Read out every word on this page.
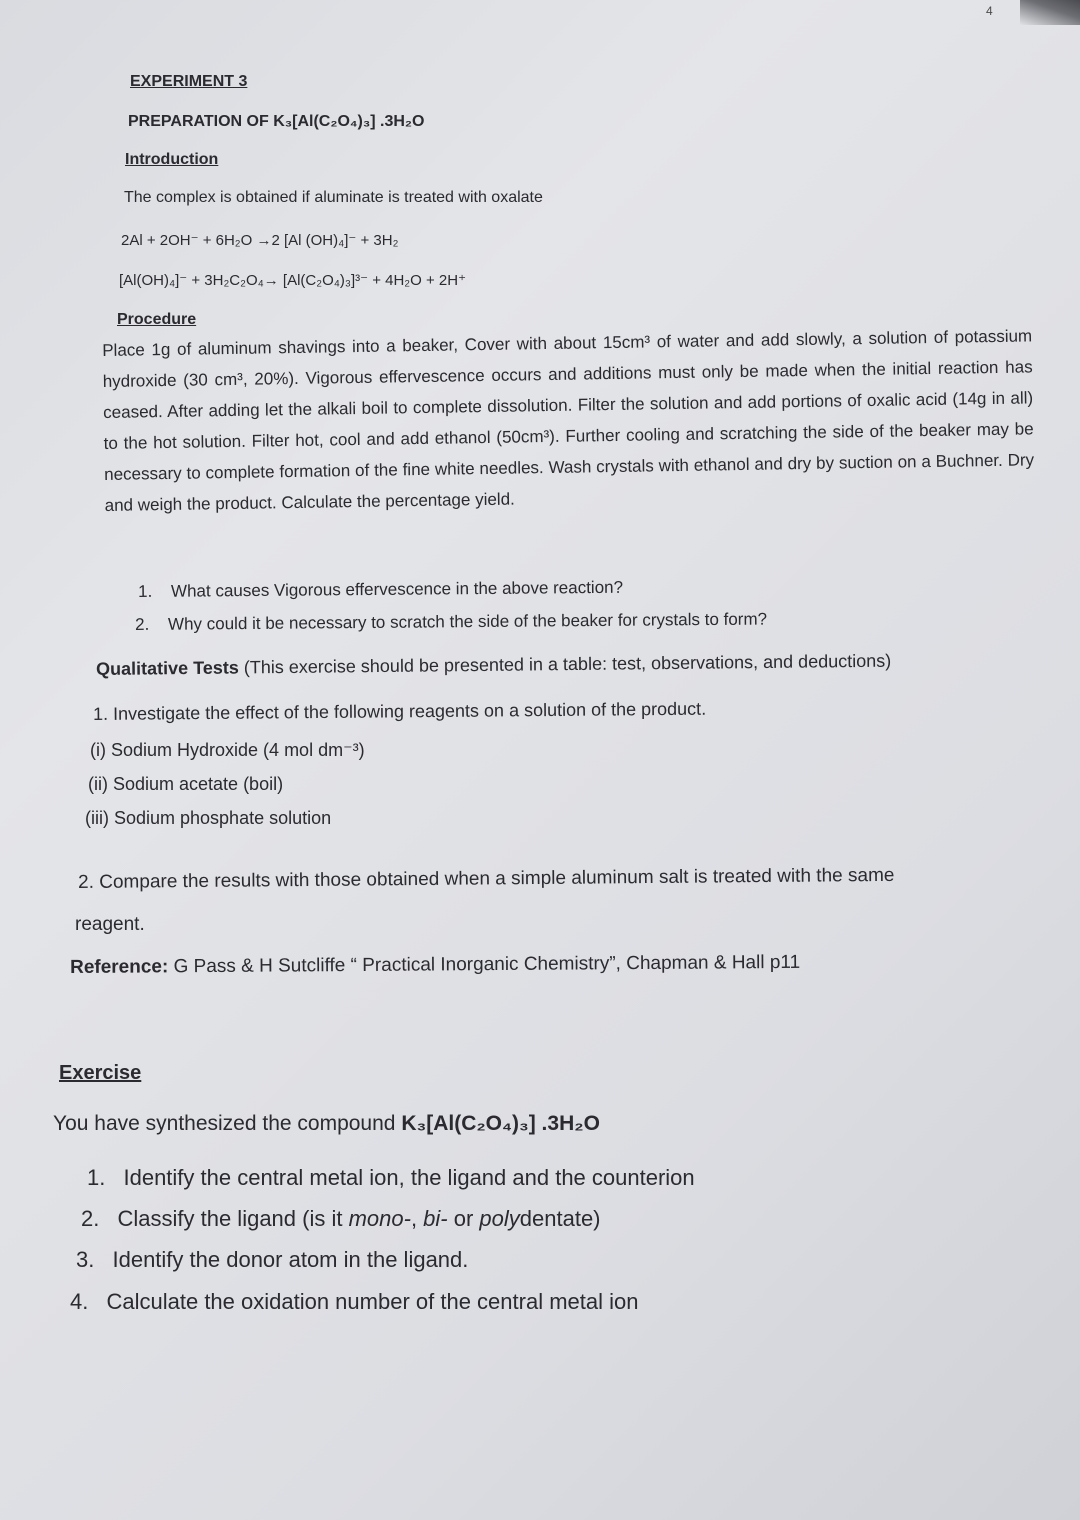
4
EXPERIMENT 3
PREPARATION OF K₃[Al(C₂O₄)₃] .3H₂O
Introduction
The complex is obtained if aluminate is treated with oxalate
2Al + 2OH⁻ + 6H₂O →2 [Al (OH)₄]⁻ + 3H₂
[Al(OH)₄]⁻ + 3H₂C₂O₄→ [Al(C₂O₄)₃]³⁻ + 4H₂O + 2H⁺
Procedure
Place 1g of aluminum shavings into a beaker, Cover with about 15cm³ of water and add slowly, a solution of potassium hydroxide (30 cm³, 20%). Vigorous effervescence occurs and additions must only be made when the initial reaction has ceased. After adding let the alkali boil to complete dissolution. Filter the solution and add portions of oxalic acid (14g in all) to the hot solution. Filter hot, cool and add ethanol (50cm³). Further cooling and scratching the side of the beaker may be necessary to complete formation of the fine white needles. Wash crystals with ethanol and dry by suction on a Buchner. Dry and weigh the product. Calculate the percentage yield.
1. What causes Vigorous effervescence in the above reaction?
2. Why could it be necessary to scratch the side of the beaker for crystals to form?
Qualitative Tests (This exercise should be presented in a table: test, observations, and deductions)
1. Investigate the effect of the following reagents on a solution of the product.
(i) Sodium Hydroxide (4 mol dm⁻³)
(ii) Sodium acetate (boil)
(iii) Sodium phosphate solution
2. Compare the results with those obtained when a simple aluminum salt is treated with the same
reagent.
Reference: G Pass & H Sutcliffe “ Practical Inorganic Chemistry”, Chapman & Hall p11
Exercise
You have synthesized the compound K₃[Al(C₂O₄)₃] .3H₂O
1. Identify the central metal ion, the ligand and the counterion
2. Classify the ligand (is it mono-, bi- or polydentate)
3. Identify the donor atom in the ligand.
4. Calculate the oxidation number of the central metal ion
